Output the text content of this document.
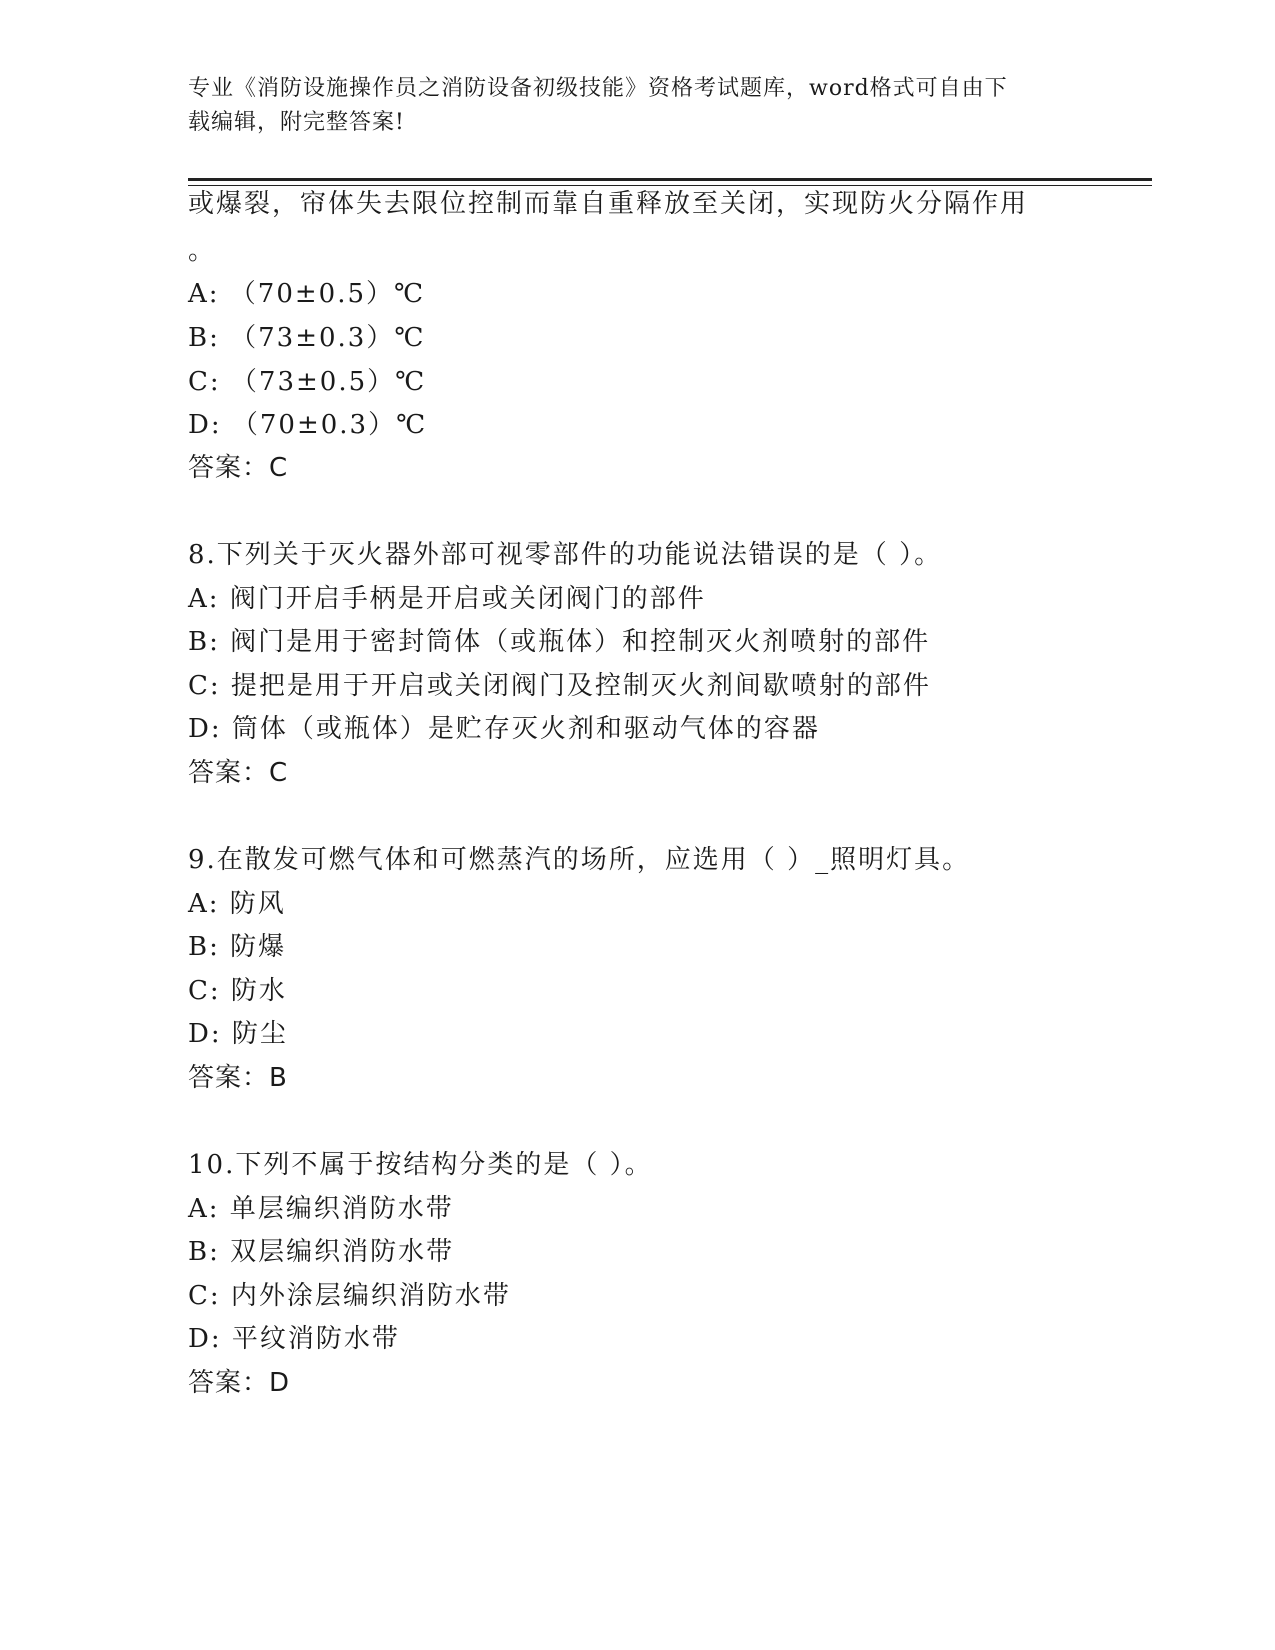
专业《消防设施操作员之消防设备初级技能》资格考试题库，word格式可自由下
载编辑，附完整答案!
或爆裂，帘体失去限位控制而靠自重释放至关闭，实现防火分隔作用
。
A: （70±0.5）℃
B: （73±0.3）℃
C: （73±0.5）℃
D: （70±0.3）℃
答案：C
8.下列关于灭火器外部可视零部件的功能说法错误的是（ ）。
A: 阀门开启手柄是开启或关闭阀门的部件
B: 阀门是用于密封筒体（或瓶体）和控制灭火剂喷射的部件
C: 提把是用于开启或关闭阀门及控制灭火剂间歇喷射的部件
D: 筒体（或瓶体）是贮存灭火剂和驱动气体的容器
答案：C
9.在散发可燃气体和可燃蒸汽的场所，应选用（ ）_照明灯具。
A: 防风
B: 防爆
C: 防水
D: 防尘
答案：B
10.下列不属于按结构分类的是（ ）。
A: 单层编织消防水带
B: 双层编织消防水带
C: 内外涂层编织消防水带
D: 平纹消防水带
答案：D
